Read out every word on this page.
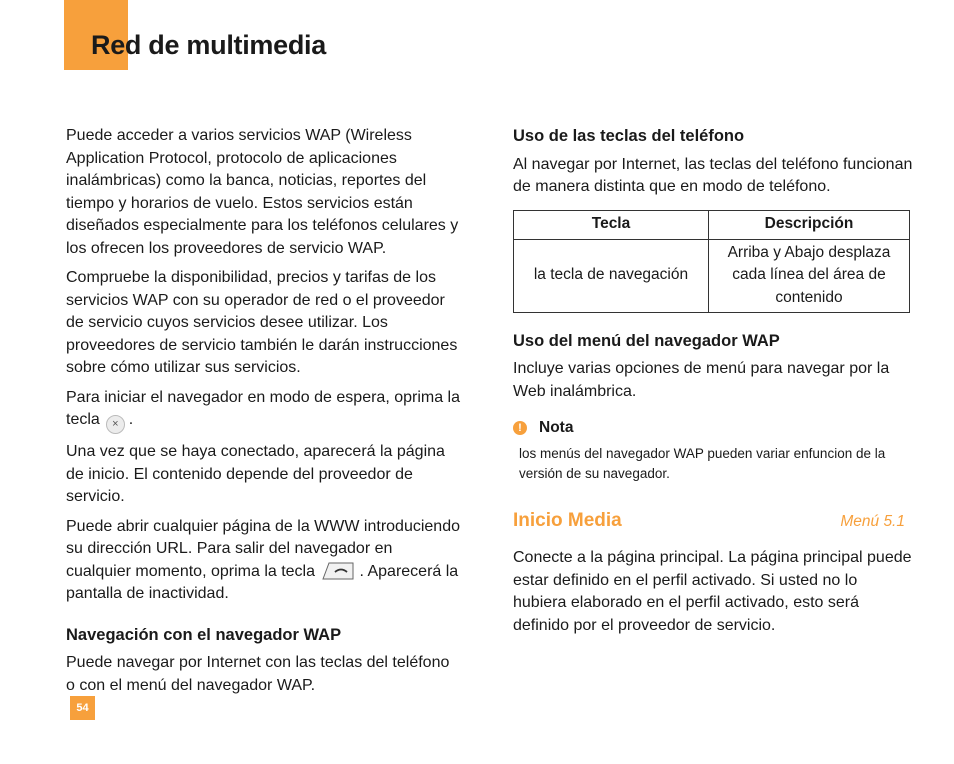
Red de multimedia

Puede acceder a varios servicios WAP (Wireless Application Protocol, protocolo de aplicaciones inalámbricas) como la banca, noticias, reportes del tiempo y horarios de vuelo. Estos servicios están diseñados especialmente para los teléfonos celulares y los ofrecen los proveedores de servicio WAP.

Compruebe la disponibilidad, precios y tarifas de los servicios WAP con su operador de red o el proveedor de servicio cuyos servicios desee utilizar. Los proveedores de servicio también le darán instrucciones sobre cómo utilizar sus servicios.

Para iniciar el navegador en modo de espera, oprima la tecla × .

Una vez que se haya conectado, aparecerá la página de inicio. El contenido depende del proveedor de servicio.

Puede abrir cualquier página de la WWW introduciendo su dirección URL. Para salir del navegador en cualquier momento, oprima la tecla	. Aparecerá la pantalla de inactividad.

Navegación con el navegador WAP

Puede navegar por Internet con las teclas del teléfono o con el menú del navegador WAP.

Uso de las teclas del teléfono

Al navegar por Internet, las teclas del teléfono funcionan de manera distinta que en modo de teléfono.

Tecla	Descripción
la tecla de navegación	Arriba y Abajo desplaza cada línea del área de contenido
Uso del menú del navegador WAP

Incluye varias opciones de menú para navegar por la Web inalámbrica.

!	Nota

los menús del navegador WAP pueden variar enfuncion de la versión de su navegador.

Inicio Media	Menú 5.1

Conecte a la página principal. La página principal puede estar definido en el perfil activado. Si usted no lo hubiera elaborado en el perfil activado, esto será definido por el proveedor de servicio.

54
